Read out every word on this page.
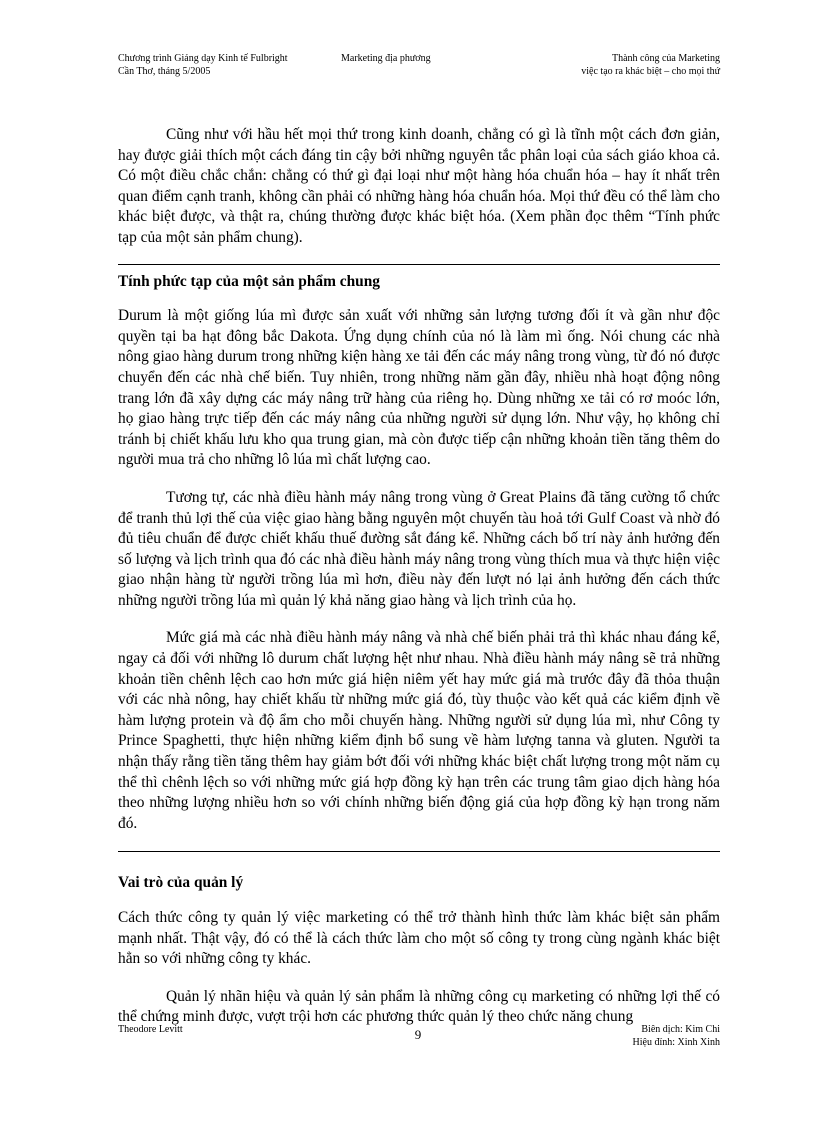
Chương trình Giảng dạy Kinh tế Fulbright
Cần Thơ, tháng 5/2005
Marketing địa phương	Thành công của Marketing
việc tạo ra khác biệt – cho mọi thứ

Cũng như với hầu hết mọi thứ trong kinh doanh, chẳng có gì là tĩnh một cách đơn giản, hay được giải thích một cách đáng tin cậy bởi những nguyên tắc phân loại của sách giáo khoa cả. Có một điều chắc chắn: chẳng có thứ gì đại loại như một hàng hóa chuẩn hóa – hay ít nhất trên quan điểm cạnh tranh, không cần phải có những hàng hóa chuẩn hóa. Mọi thứ đều có thể làm cho khác biệt được, và thật ra, chúng thường được khác biệt hóa. (Xem phần đọc thêm “Tính phức tạp của một sản phẩm chung).

Tính phức tạp của một sản phẩm chung

Durum là một giống lúa mì được sản xuất với những sản lượng tương đối ít và gần như độc quyền tại ba hạt đông bắc Dakota. Ứng dụng chính của nó là làm mì ống. Nói chung các nhà nông giao hàng durum trong những kiện hàng xe tải đến các máy nâng trong vùng, từ đó nó được chuyển đến các nhà chế biến. Tuy nhiên, trong những năm gần đây, nhiều nhà hoạt động nông trang lớn đã xây dựng các máy nâng trữ hàng của riêng họ. Dùng những xe tải có rơ moóc lớn, họ giao hàng trực tiếp đến các máy nâng của những người sử dụng lớn. Như vậy, họ không chỉ tránh bị chiết khấu lưu kho qua trung gian, mà còn được tiếp cận những khoản tiền tăng thêm do người mua trả cho những lô lúa mì chất lượng cao.

Tương tự, các nhà điều hành máy nâng trong vùng ở Great Plains đã tăng cường tổ chức để tranh thủ lợi thế của việc giao hàng bằng nguyên một chuyến tàu hoả tới Gulf Coast và nhờ đó đủ tiêu chuẩn để được chiết khấu thuế đường sắt đáng kể. Những cách bố trí này ảnh hưởng đến số lượng và lịch trình qua đó các nhà điều hành máy nâng trong vùng thích mua và thực hiện việc giao nhận hàng từ người trồng lúa mì hơn, điều này đến lượt nó lại ảnh hưởng đến cách thức những người trồng lúa mì quản lý khả năng giao hàng và lịch trình của họ.

Mức giá mà các nhà điều hành máy nâng và nhà chế biến phải trả thì khác nhau đáng kể, ngay cả đối với những lô durum chất lượng hệt như nhau. Nhà điều hành máy nâng sẽ trả những khoản tiền chênh lệch cao hơn mức giá hiện niêm yết hay mức giá mà trước đây đã thỏa thuận với các nhà nông, hay chiết khấu từ những mức giá đó, tùy thuộc vào kết quả các kiểm định về hàm lượng protein và độ ẩm cho mỗi chuyến hàng. Những người sử dụng lúa mì, như Công ty Prince Spaghetti, thực hiện những kiểm định bổ sung về hàm lượng tanna và gluten. Người ta nhận thấy rằng tiền tăng thêm hay giảm bớt đối với những khác biệt chất lượng trong một năm cụ thể thì chênh lệch so với những mức giá hợp đồng kỳ hạn trên các trung tâm giao dịch hàng hóa theo những lượng nhiều hơn so với chính những biến động giá của hợp đồng kỳ hạn trong năm đó.

Vai trò của quản lý

Cách thức công ty quản lý việc marketing có thể trở thành hình thức làm khác biệt sản phẩm mạnh nhất. Thật vậy, đó có thể là cách thức làm cho một số công ty trong cùng ngành khác biệt hẳn so với những công ty khác.

Quản lý nhãn hiệu và quản lý sản phẩm là những công cụ marketing có những lợi thế có thể chứng minh được, vượt trội hơn các phương thức quản lý theo chức năng chung

Theodore Levitt	9	Biên dịch: Kim Chi
Hiệu đính: Xinh Xinh
